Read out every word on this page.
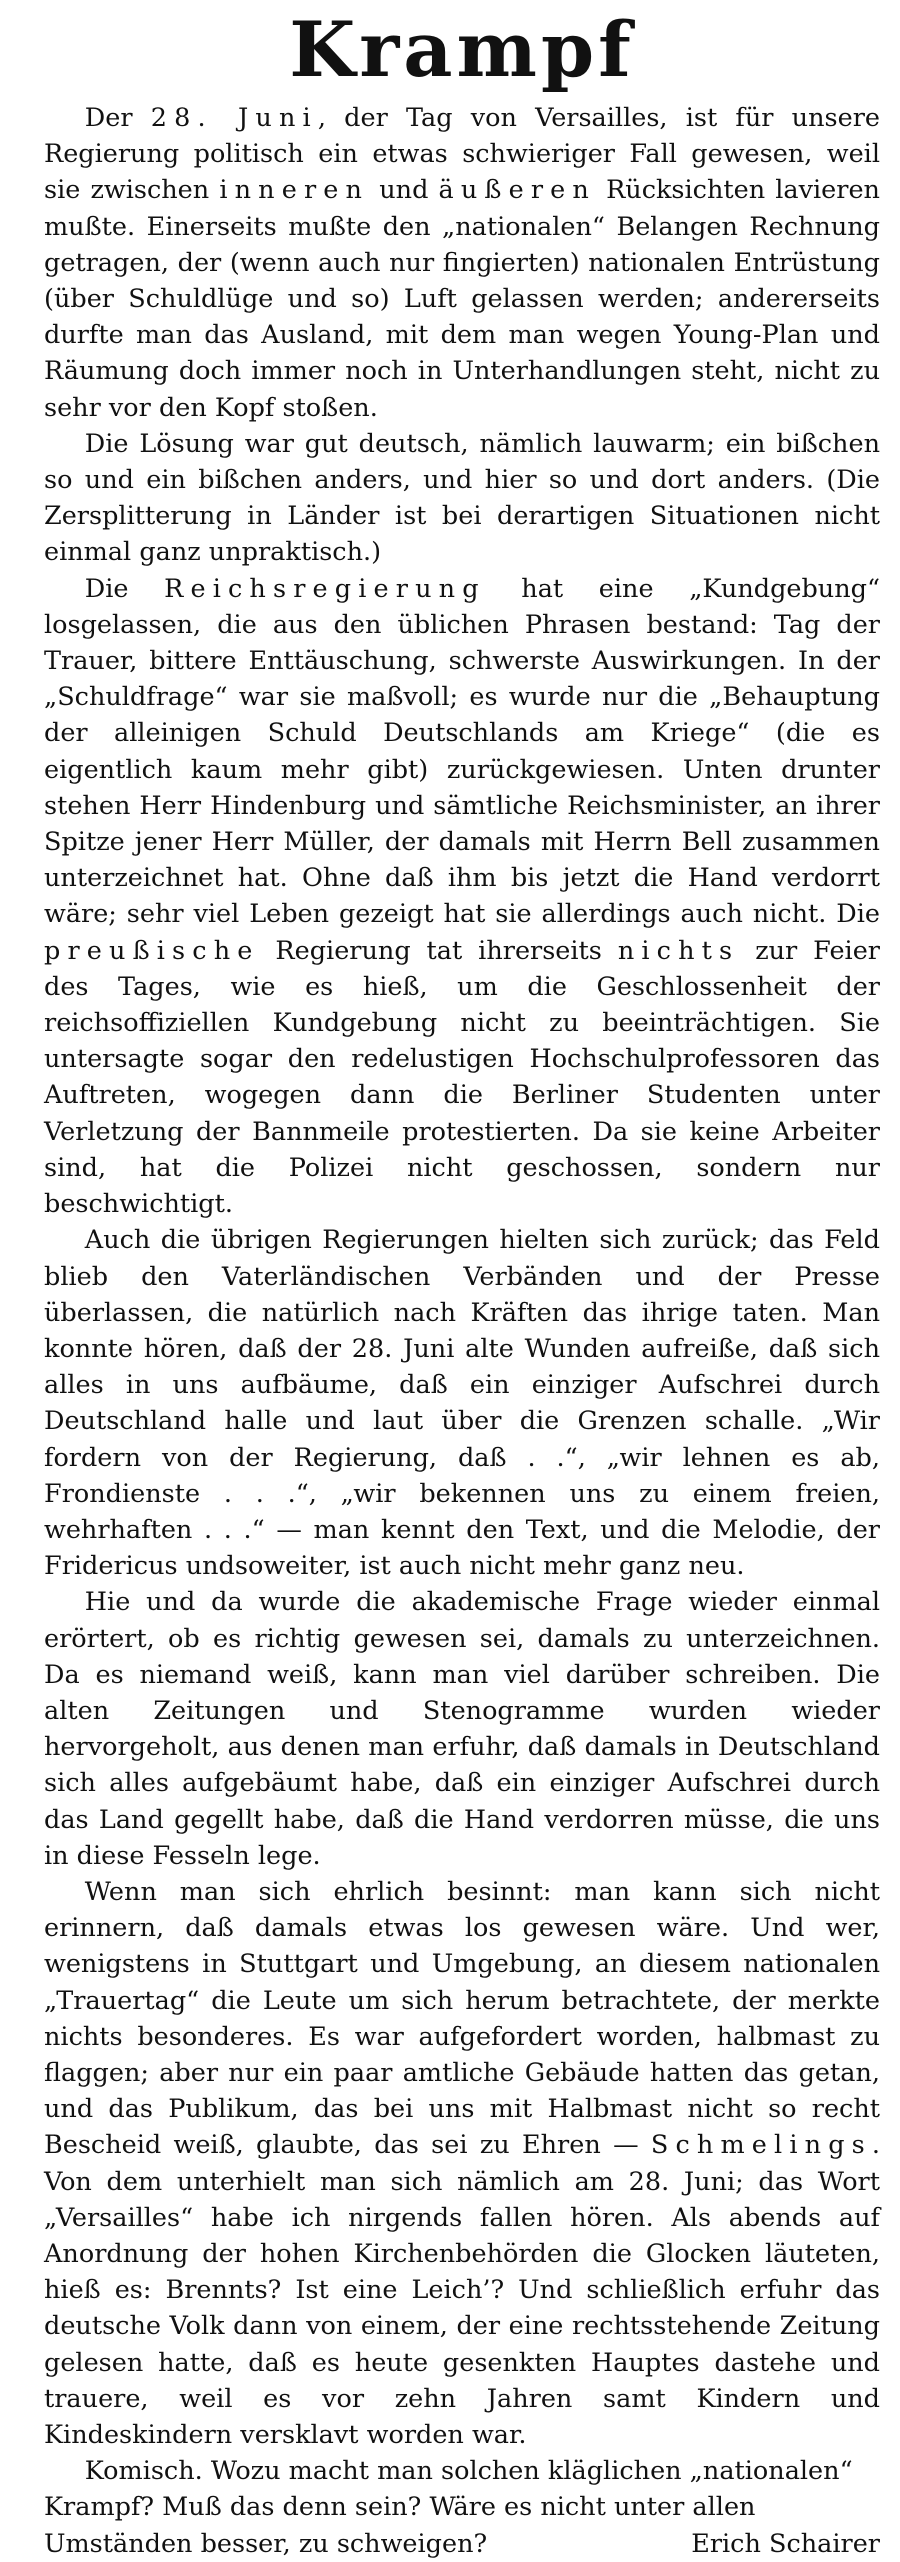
Krampf

Der 28. Juni, der Tag von Versailles, ist für unsere Regierung politisch ein etwas schwieriger Fall gewesen, weil sie zwischen inneren und äußeren Rücksichten lavieren mußte. Einerseits mußte den „nationalen“ Belangen Rechnung getragen, der (wenn auch nur fingierten) nationalen Entrüstung (über Schuldlüge und so) Luft gelassen werden; andererseits durfte man das Ausland, mit dem man wegen Young-Plan und Räumung doch immer noch in Unterhandlungen steht, nicht zu sehr vor den Kopf stoßen.

Die Lösung war gut deutsch, nämlich lauwarm; ein bißchen so und ein bißchen anders, und hier so und dort anders. (Die Zersplitterung in Länder ist bei derartigen Situationen nicht einmal ganz unpraktisch.)

Die Reichsregierung hat eine „Kundgebung“ losgelassen, die aus den üblichen Phrasen bestand: Tag der Trauer, bittere Enttäuschung, schwerste Auswirkungen. In der „Schuldfrage“ war sie maßvoll; es wurde nur die „Behauptung der alleinigen Schuld Deutschlands am Kriege“ (die es eigentlich kaum mehr gibt) zurückgewiesen. Unten drunter stehen Herr Hindenburg und sämtliche Reichsminister, an ihrer Spitze jener Herr Müller, der damals mit Herrn Bell zusammen unterzeichnet hat. Ohne daß ihm bis jetzt die Hand verdorrt wäre; sehr viel Leben gezeigt hat sie allerdings auch nicht. Die preußische Regierung tat ihrerseits nichts zur Feier des Tages, wie es hieß, um die Geschlossenheit der reichsoffiziellen Kundgebung nicht zu beeinträchtigen. Sie untersagte sogar den redelustigen Hochschulprofessoren das Auftreten, wogegen dann die Berliner Studenten unter Verletzung der Bannmeile protestierten. Da sie keine Arbeiter sind, hat die Polizei nicht geschossen, sondern nur beschwichtigt.

Auch die übrigen Regierungen hielten sich zurück; das Feld blieb den Vaterländischen Verbänden und der Presse überlassen, die natürlich nach Kräften das ihrige taten. Man konnte hören, daß der 28. Juni alte Wunden aufreiße, daß sich alles in uns aufbäume, daß ein einziger Aufschrei durch Deutschland halle und laut über die Grenzen schalle. „Wir fordern von der Regierung, daß . .“, „wir lehnen es ab, Frondienste . . .“, „wir bekennen uns zu einem freien, wehrhaften . . .“ — man kennt den Text, und die Melodie, der Fridericus undsoweiter, ist auch nicht mehr ganz neu.

Hie und da wurde die akademische Frage wieder einmal erörtert, ob es richtig gewesen sei, damals zu unterzeichnen. Da es niemand weiß, kann man viel darüber schreiben. Die alten Zeitungen und Stenogramme wurden wieder hervorgeholt, aus denen man erfuhr, daß damals in Deutschland sich alles aufgebäumt habe, daß ein einziger Aufschrei durch das Land gegellt habe, daß die Hand verdorren müsse, die uns in diese Fesseln lege.

Wenn man sich ehrlich besinnt: man kann sich nicht erinnern, daß damals etwas los gewesen wäre. Und wer, wenigstens in Stuttgart und Umgebung, an diesem nationalen „Trauertag“ die Leute um sich herum betrachtete, der merkte nichts besonderes. Es war aufgefordert worden, halbmast zu flaggen; aber nur ein paar amtliche Gebäude hatten das getan, und das Publikum, das bei uns mit Halbmast nicht so recht Bescheid weiß, glaubte, das sei zu Ehren — Schmelings. Von dem unterhielt man sich nämlich am 28. Juni; das Wort „Versailles“ habe ich nirgends fallen hören. Als abends auf Anordnung der hohen Kirchenbehörden die Glocken läuteten, hieß es: Brennts? Ist eine Leich’? Und schließlich erfuhr das deutsche Volk dann von einem, der eine rechtsstehende Zeitung gelesen hatte, daß es heute gesenkten Hauptes dastehe und trauere, weil es vor zehn Jahren samt Kindern und Kindeskindern versklavt worden war.

Komisch. Wozu macht man solchen kläglichen „nationalen“ Krampf? Muß das denn sein? Wäre es nicht unter allen Umständen besser, zu schweigen?	Erich Schairer
